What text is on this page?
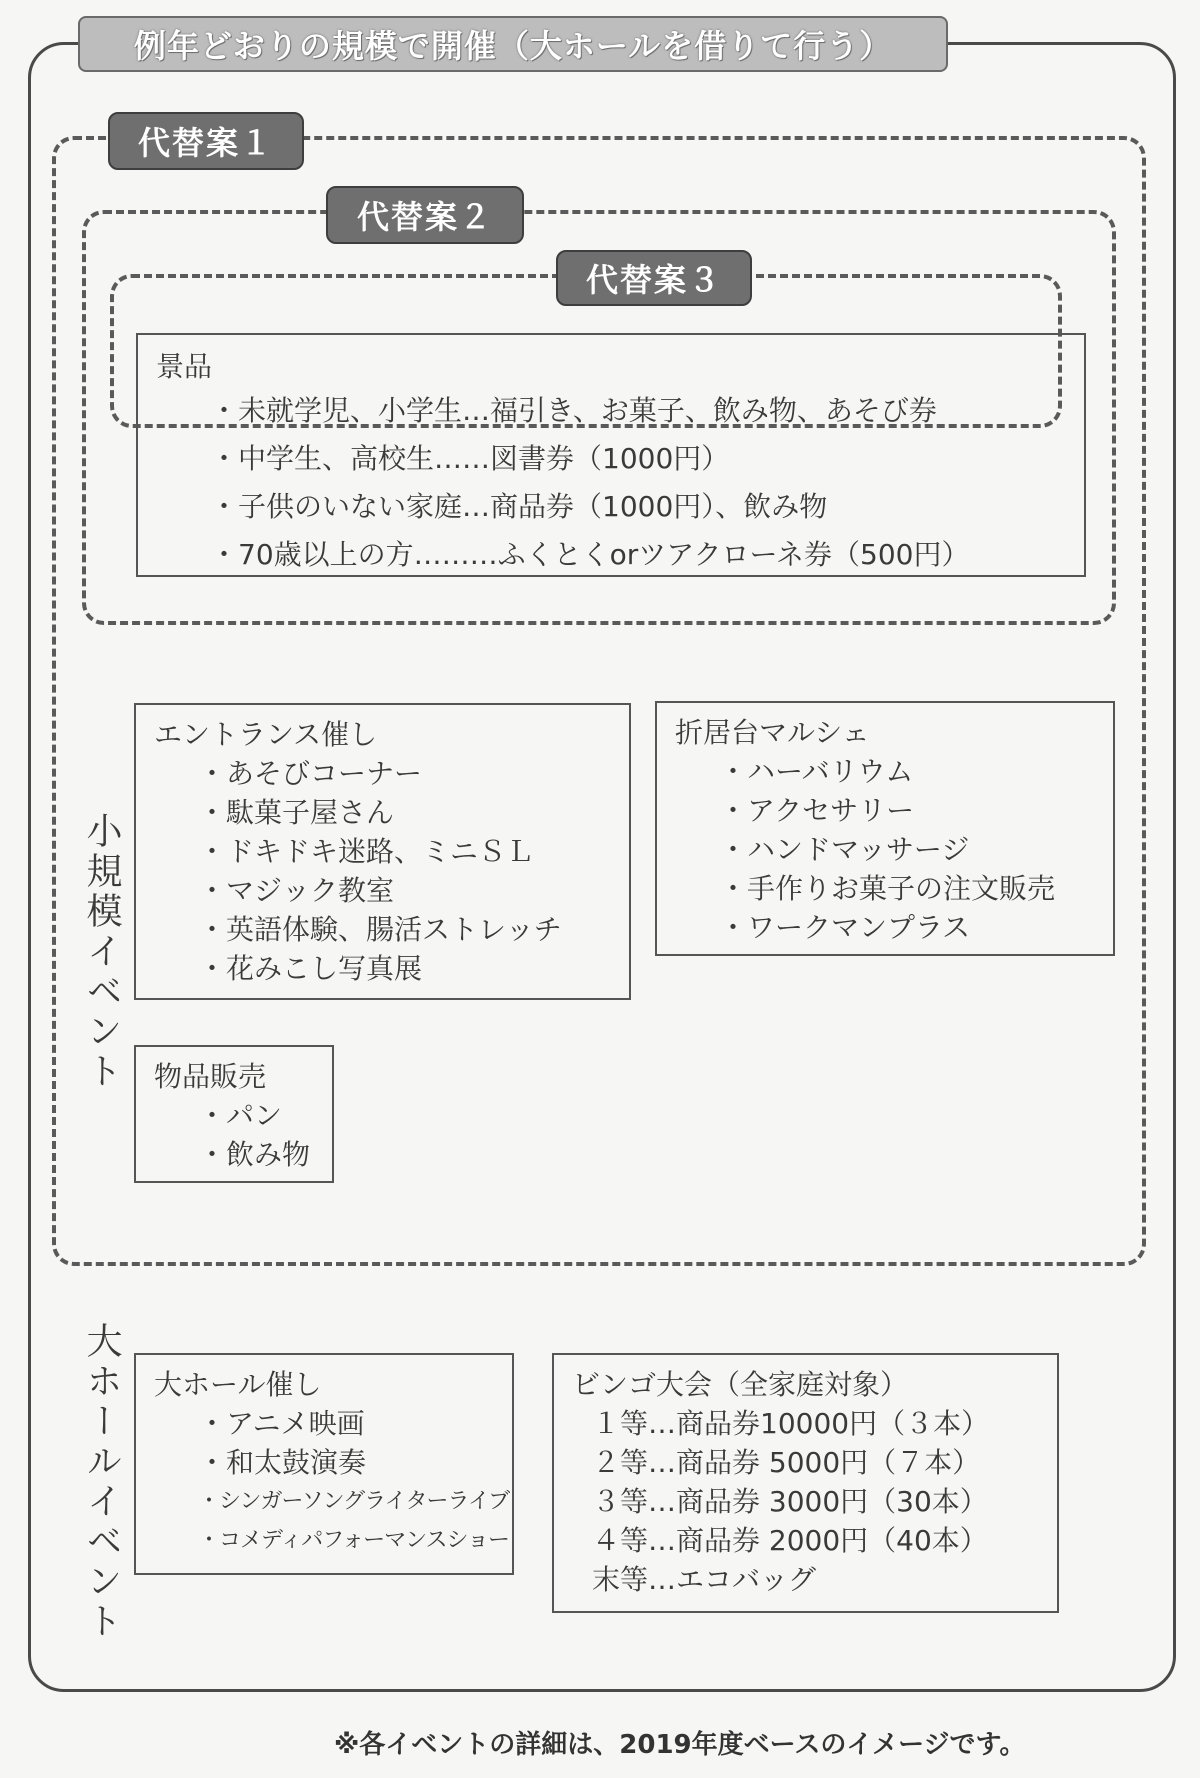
例年どおりの規模で開催（大ホールを借りて行う）
代替案１
代替案２
代替案３
景品
・ 未就学児、小学生…福引き、お菓子、飲み物、あそび券
・ 中学生、高校生……図書券（1000円）
・ 子供のいない家庭…商品券（1000円）、飲み物
・ 70歳以上の方………ふくとくorツアクローネ券（500円）
小規模イベント
エントランス催し
・ あそびコーナー
・ 駄菓子屋さん
・ ドキドキ迷路、ミニＳＬ
・ マジック教室
・ 英語体験、腸活ストレッチ
・ 花みこし写真展
折居台マルシェ
・ ハーバリウム
・ アクセサリー
・ ハンドマッサージ
・ 手作りお菓子の注文販売
・ ワークマンプラス
物品販売
・ パン
・ 飲み物
大ホールイベント 大ホール催し
・ アニメ映画
・ 和太鼓演奏
・ シンガーソングライターライブ
・ コメディパフォーマンスショー
ビンゴ大会（全家庭対象）
１等…商品券10000円（３本）
２等…商品券 5000円（７本）
３等…商品券 3000円（30本）
４等…商品券 2000円（40本）
末等…エコバッグ
※各イベントの詳細は、2019年度ベースのイメージです。
